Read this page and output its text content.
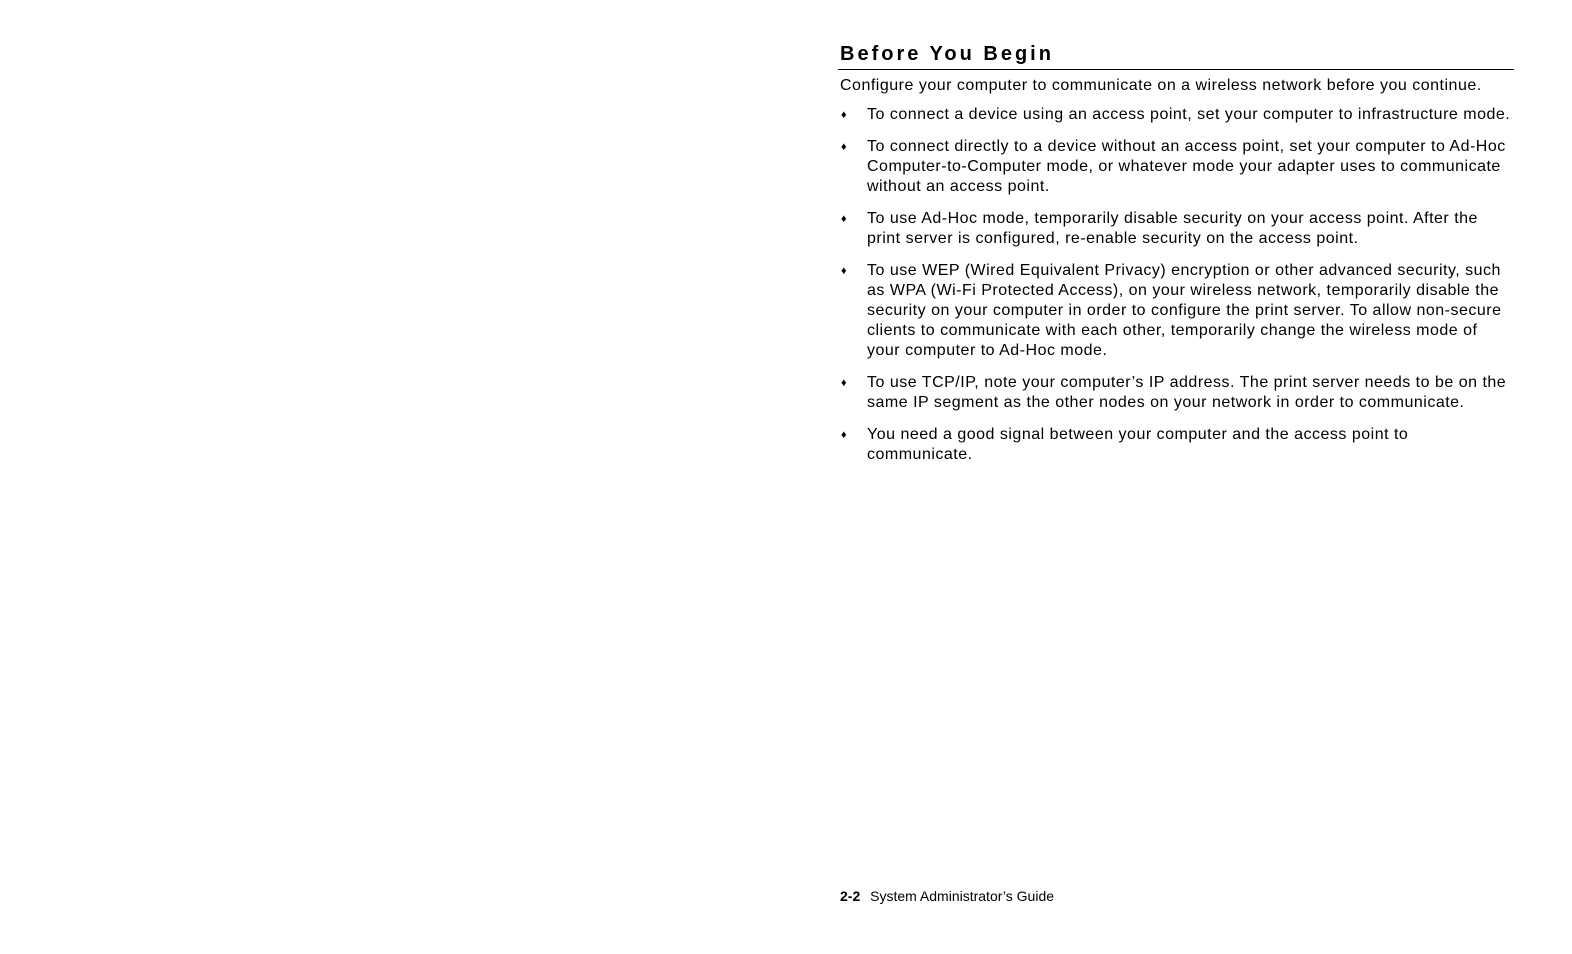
Before You Begin

Configure your computer to communicate on a wireless network before you continue.

♦ To connect a device using an access point, set your computer to infrastructure mode.
♦ To connect directly to a device without an access point, set your computer to Ad-Hoc Computer-to-Computer mode, or whatever mode your adapter uses to communicate without an access point.
♦ To use Ad-Hoc mode, temporarily disable security on your access point. After the print server is configured, re-enable security on the access point.
♦ To use WEP (Wired Equivalent Privacy) encryption or other advanced security, such as WPA (Wi-Fi Protected Access), on your wireless network, temporarily disable the security on your computer in order to configure the print server. To allow non-secure clients to communicate with each other, temporarily change the wireless mode of your computer to Ad-Hoc mode.
♦ To use TCP/IP, note your computer’s IP address. The print server needs to be on the same IP segment as the other nodes on your network in order to communicate.
♦ You need a good signal between your computer and the access point to communicate.
2-2 System Administrator’s Guide
